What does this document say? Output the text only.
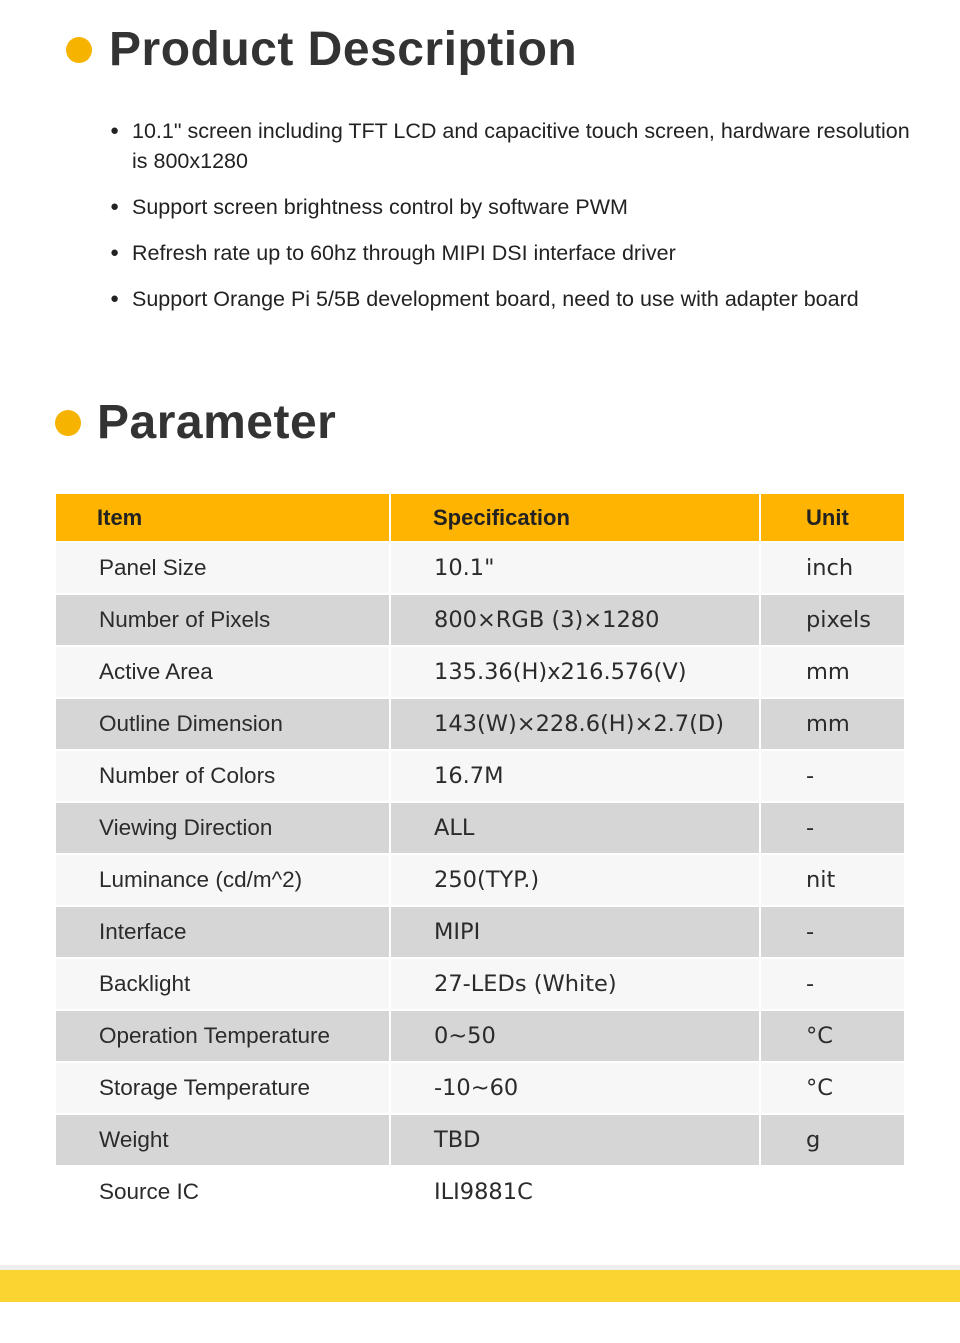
Product Description
● 10.1" screen including TFT LCD and capacitive touch screen, hardware resolution is 800x1280
● Support screen brightness control by software PWM
● Refresh rate up to 60hz through MIPI DSI interface driver
● Support Orange Pi 5/5B development board, need to use with adapter board
Parameter
Item	Specification	Unit
Panel Size	10.1"	inch
Number of Pixels	800×RGB (3)×1280	pixels
Active Area	135.36(H)x216.576(V)	mm
Outline Dimension	143(W)×228.6(H)×2.7(D)	mm
Number of Colors	16.7M	-
Viewing Direction	ALL	-
Luminance (cd/m^2)	250(TYP.)	nit
Interface	MIPI	-
Backlight	27-LEDs (White)	-
Operation Temperature	0~50	°C
Storage Temperature	-10~60	°C
Weight	TBD	g
Source IC	ILI9881C	
